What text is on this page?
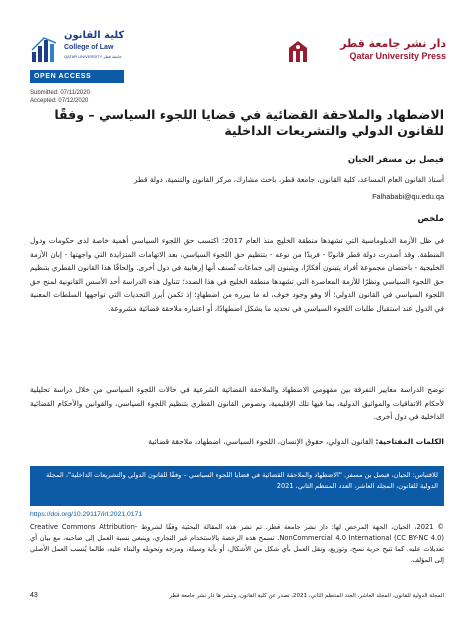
كلية القانون
College of Law
QATAR UNIVERSITY جامعة قطر
دار نشر جامعة قطر
Qatar University Press
OPEN ACCESS
Submitted: 07/11/2020
Accepted: 07/12/2020
الاضطهاد والملاحقة القضائية في قضايا اللجوء السياسي – وفقًا للقانون الدولي والتشريعات الداخلية
فيصل بن مسفر الحيان
أستاذ القانون العام المساعد، كلية القانون، جامعة قطر، باحث مشارك، مركز القانون والتنمية، دولة قطر
Falhababi@qu.edu.qa
ملخص
في ظل الأزمة الدبلوماسية التي تشهدها منطقة الخليج منذ العام 2017؛ اكتسب حق اللجوء السياسي أهمية خاصة لدى حكومات ودول المنطقة. وقد أصدرت دولة قطر قانونًا - فريدًا من نوعه - بتنظيم حق اللجوء السياسي، بعد الاتهامات المتزايدة التي واجهتها - إبان الأزمة الخليجية - باحتضان مجموعة أفراد يتبنون أفكارًا، ويتبنون إلى جماعات تُصنف أنها إرهابية في دول أخرى. وإلحاقًا هذا القانون القطري بتنظيم حق اللجوء السياسي ونظرًا للأزمة المعاصرة التي تشهدها منطقة الخليج في هذا الصدد؛ تتناول هذه الدراسة أحد الأسس القانونية لمنح حق اللجوء السياسي في القانون الدولي؛ ألا وهو وجود خوف، له ما يبرره من اضطهادٍ؛ إذ تكمن أبرز التحديات التي تواجهها السلطات المعنية في الدول عند استقبال طلبات اللجوء السياسي في تحديد ما يشكل اضطهادًا، أو اعتباره ملاحقة قضائية مشروعة.
توضح الدراسة معايير التفرقة بين مفهومي الاضطهاد والملاحقة القضائية الشرعية في حالات اللجوء السياسي من خلال دراسة تحليلية لأحكام الاتفاقيات والمواثيق الدولية، بما فيها تلك الإقليمية، ونصوص القانون القطري بتنظيم اللجوء السياسي، والقوانين والأحكام القضائية الداخلية في دول أخرى.
الكلمات المفتاحية: القانون الدولي، حقوق الإنسان، اللجوء السياسي، اضطهاد، ملاحقة قضائية
للاقتباس: الحيان، فيصل بن مسفر. "الاضطهاد والملاحقة القضائية في قضايا اللجوء السياسي – وفقًا للقانون الدولي والتشريعات الداخلية"، المجلة الدولية للقانون، المجلد العاشر، العدد المنتظم الثاني، 2021
https://doi.org/10.29117/irl.2021.0171
© 2021، الحيان، الجهة المرخص لها: دار نشر جامعة قطر. تم نشر هذه المقالة البحثية وفقًا لشروط Creative Commons Attribution-NonCommercial 4.0 International (CC BY-NC 4.0). تسمح هذه الرخصة بالاستخدام غير التجاري، وينبغي نسبة العمل إلى صاحبه، مع بيان أي تعديلات عليه. كما تتيح حرية نسخ، وتوزيع، ونقل العمل بأي شكل من الأشكال، أو بأية وسيلة، ومزجه وتحويله والبناء عليه، طالما يُنسب العمل الأصلي إلى المؤلف.
43	المجلة الدولية للقانون، المجلد العاشر، العدد المنتظم الثاني، 2021، تصدر عن كلية القانون، وتنشر ها دار نشر جامعة قطر
